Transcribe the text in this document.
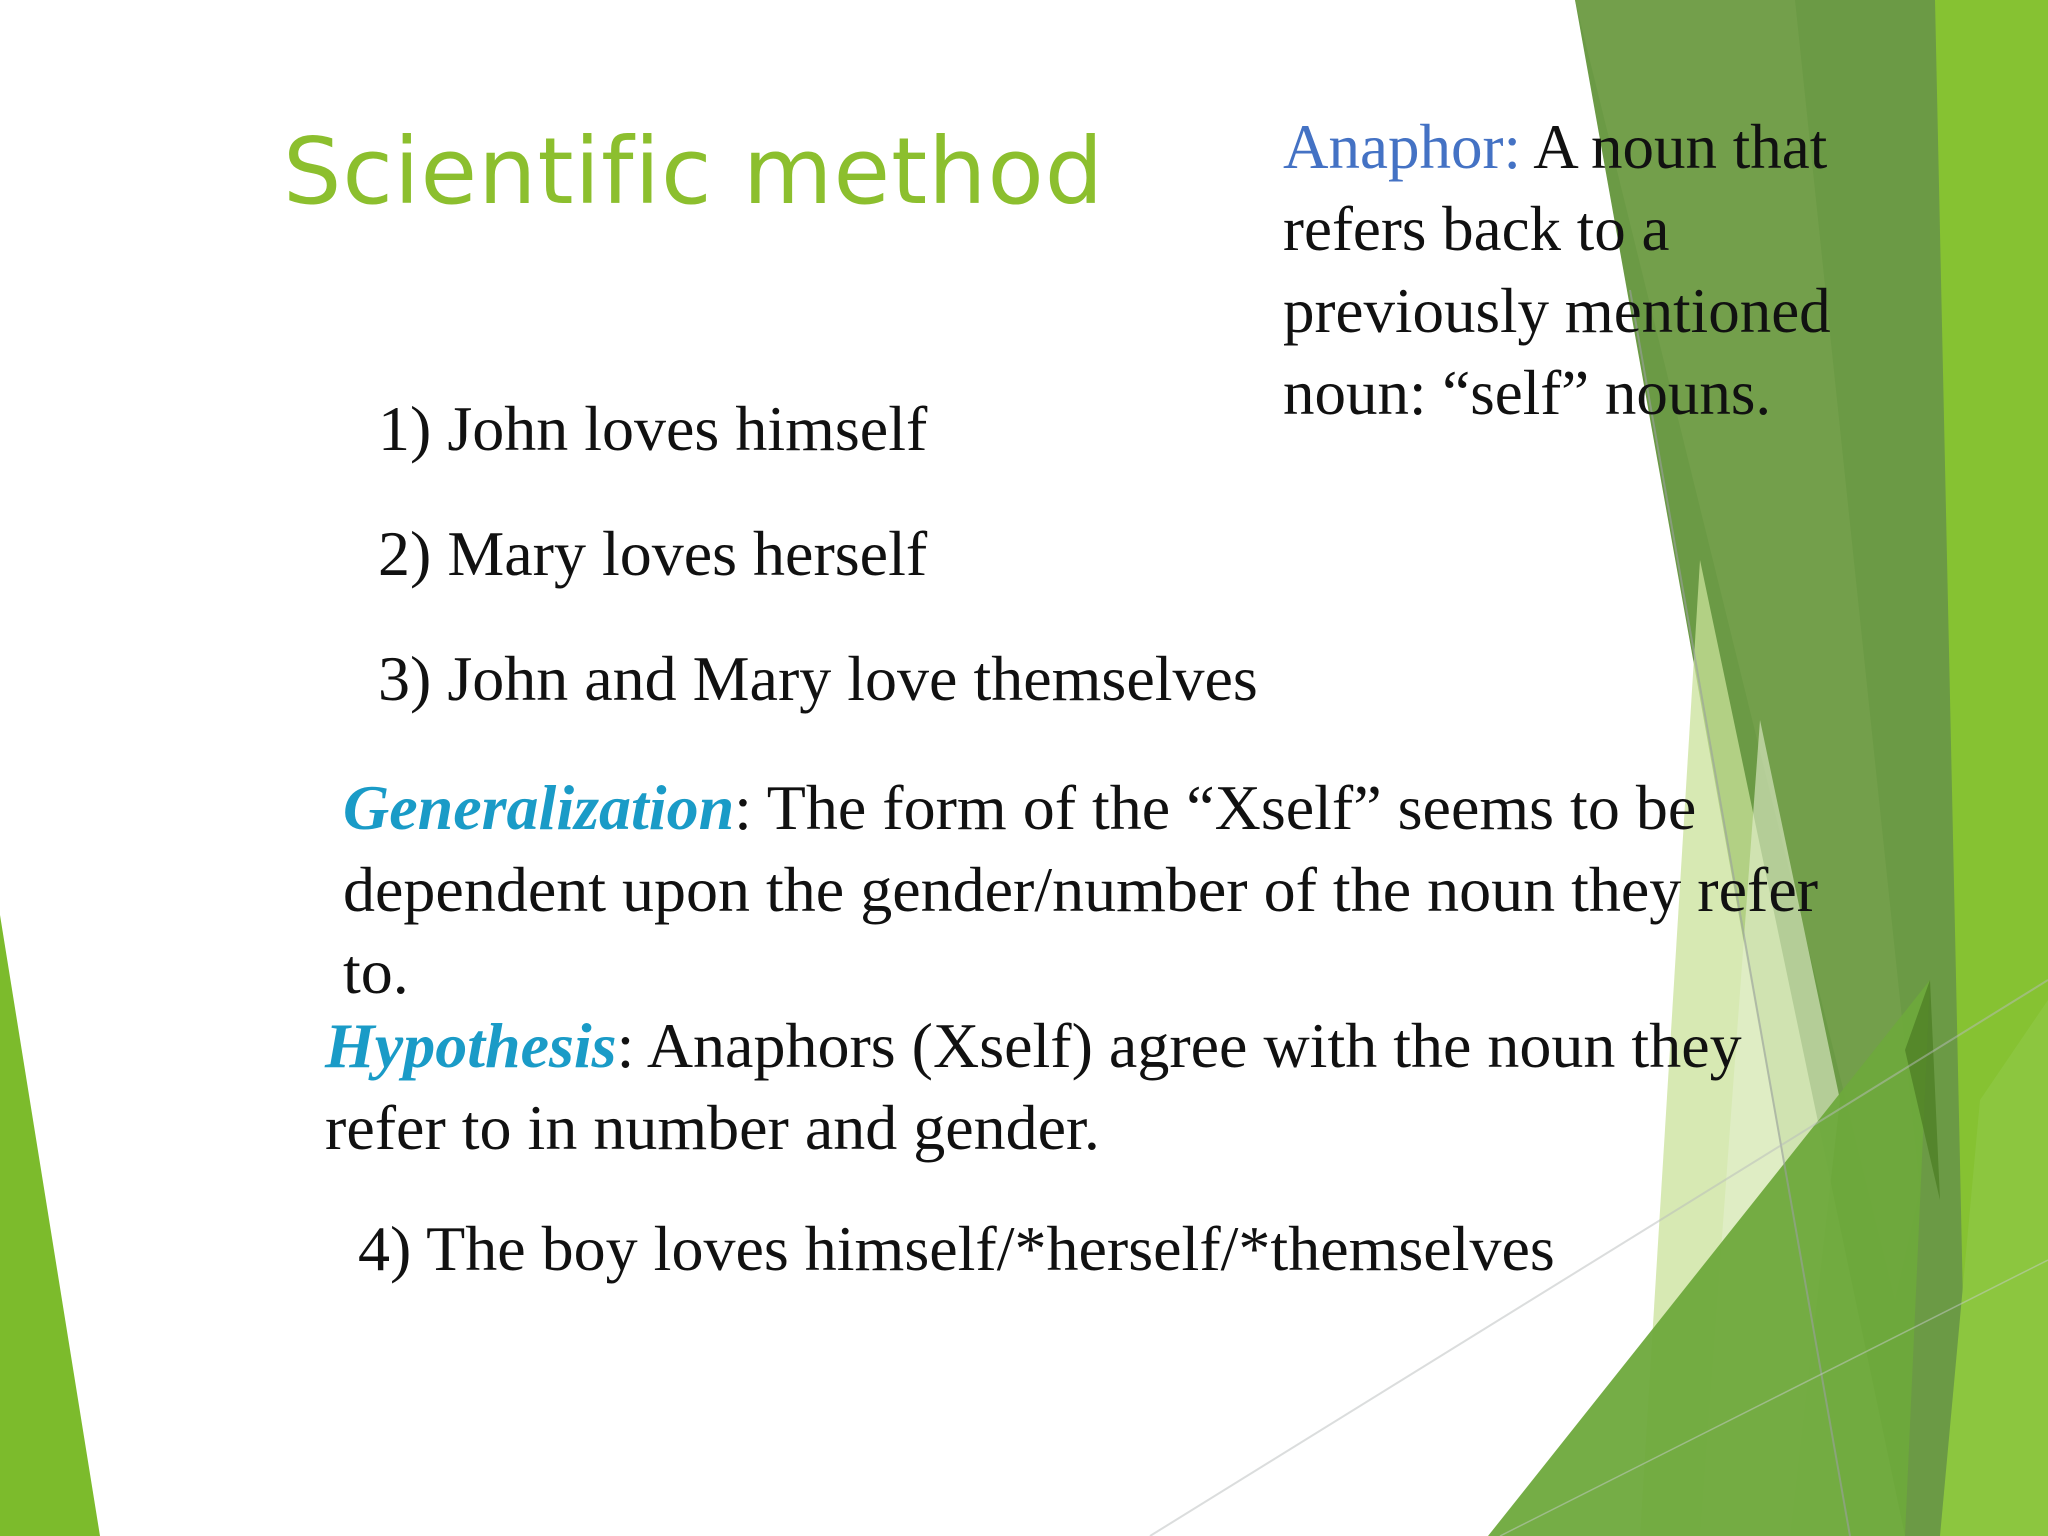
Scientific method	Anaphor: A noun that refers back to a previously mentioned noun: “self” nouns.
1) John loves himself
2) Mary loves herself
3) John and Mary love themselves
Generalization: The form of the “Xself” seems to be dependent upon the gender/number of the noun they refer to.
Hypothesis: Anaphors (Xself) agree with the noun they refer to in number and gender.
4) The boy loves himself/*herself/*themselves
